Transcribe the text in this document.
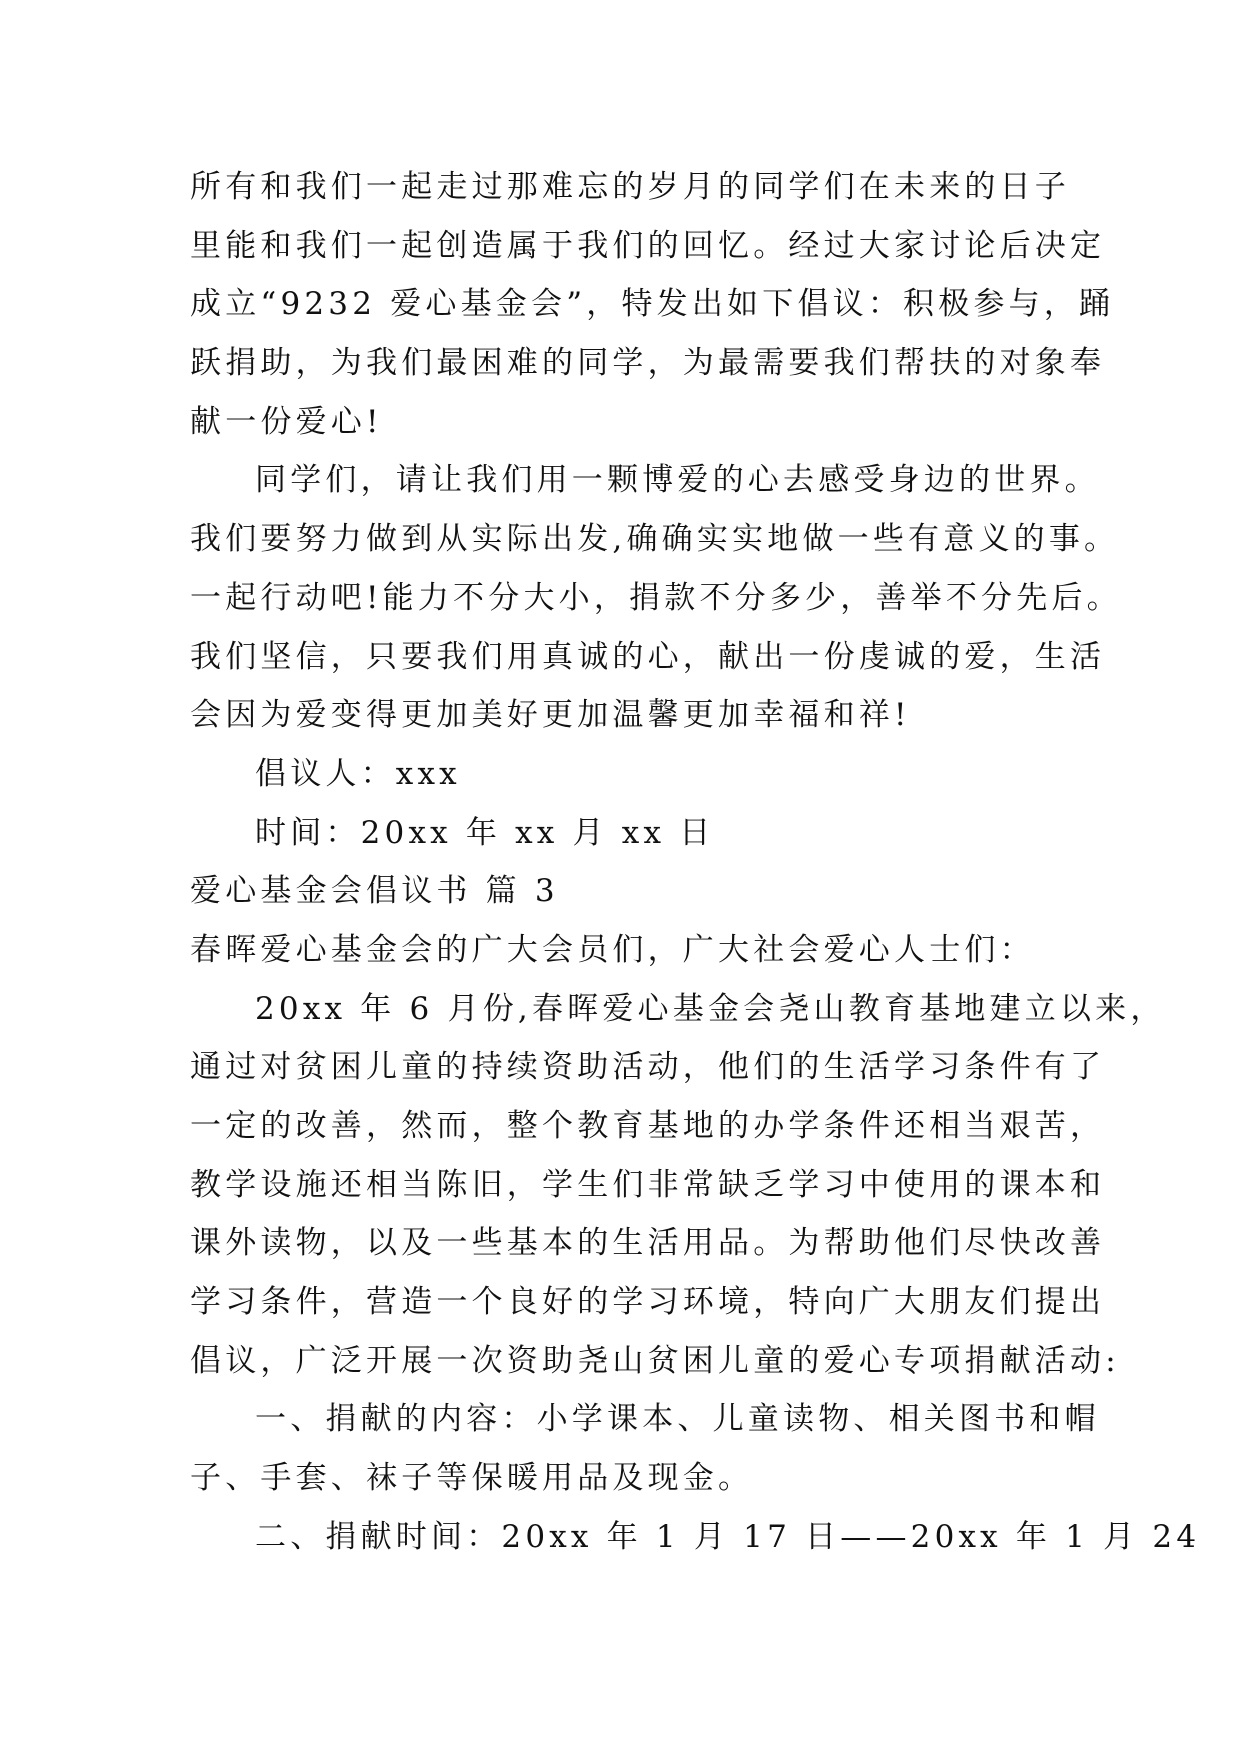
所有和我们一起走过那难忘的岁月的同学们在未来的日子
里能和我们一起创造属于我们的回忆。经过大家讨论后决定
成立“9232 爱心基金会”，特发出如下倡议：积极参与，踊
跃捐助，为我们最困难的同学，为最需要我们帮扶的对象奉
献一份爱心!
同学们，请让我们用一颗博爱的心去感受身边的世界。
我们要努力做到从实际出发,确确实实地做一些有意义的事。
一起行动吧!能力不分大小，捐款不分多少，善举不分先后。
我们坚信，只要我们用真诚的心，献出一份虔诚的爱，生活
会因为爱变得更加美好更加温馨更加幸福和祥!
倡议人：xxx
时间：20xx 年 xx 月 xx 日
爱心基金会倡议书 篇 3
春晖爱心基金会的广大会员们，广大社会爱心人士们：
20xx 年 6 月份,春晖爱心基金会尧山教育基地建立以来，
通过对贫困儿童的持续资助活动，他们的生活学习条件有了
一定的改善，然而，整个教育基地的办学条件还相当艰苦，
教学设施还相当陈旧，学生们非常缺乏学习中使用的课本和
课外读物，以及一些基本的生活用品。为帮助他们尽快改善
学习条件，营造一个良好的学习环境，特向广大朋友们提出
倡议，广泛开展一次资助尧山贫困儿童的爱心专项捐献活动:
一、捐献的内容：小学课本、儿童读物、相关图书和帽
子、手套、袜子等保暖用品及现金。
二、捐献时间：20xx 年 1 月 17 日——20xx 年 1 月 24
